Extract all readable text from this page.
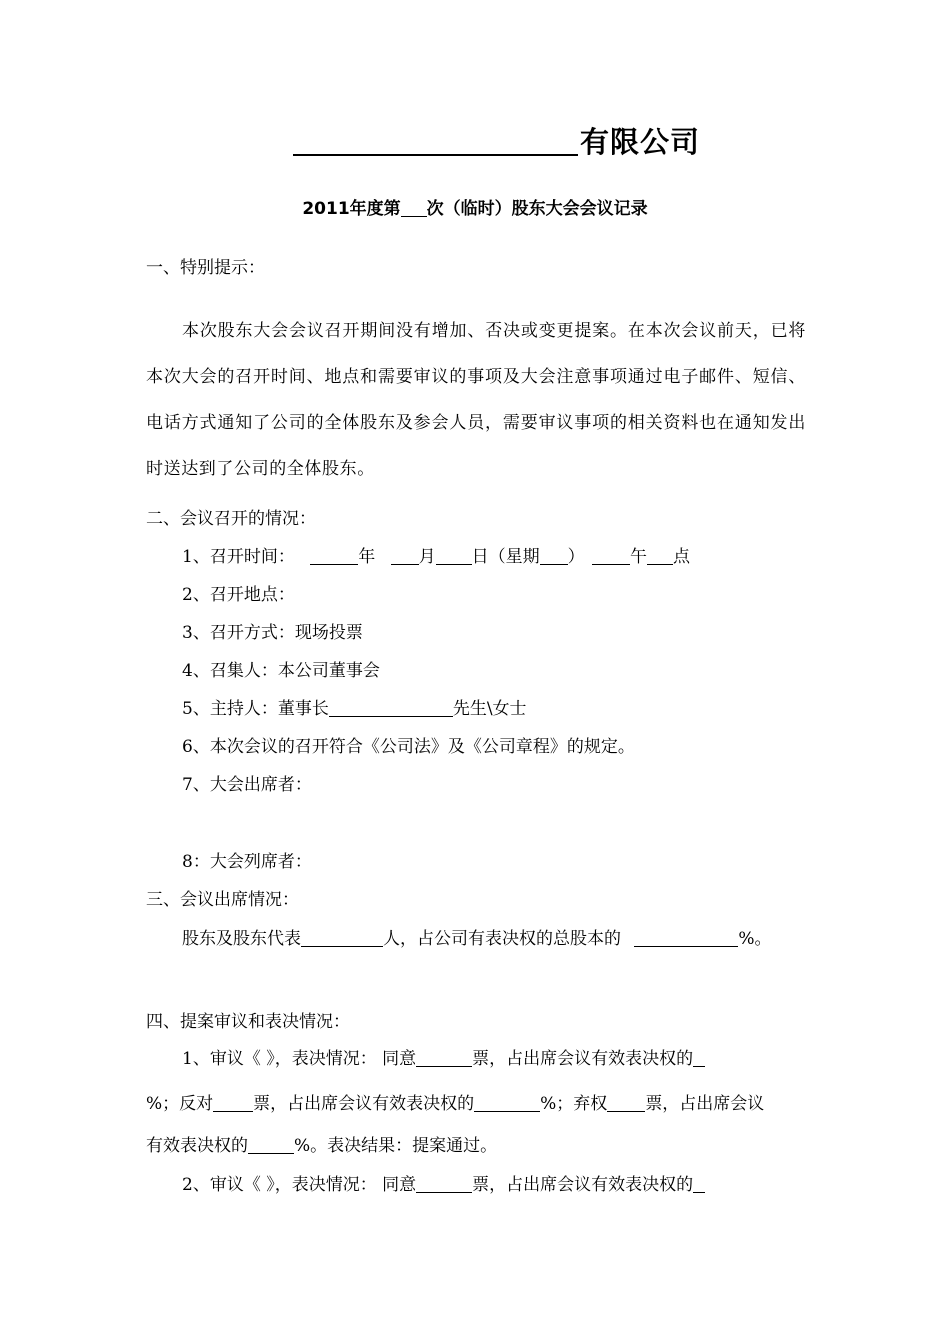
有限公司
2011年度第 次（临时）股东大会会议记录
一、特别提示：
本次股东大会会议召开期间没有增加、否决或变更提案。在本次会议前天，已将本次大会的召开时间、地点和需要审议的事项及大会注意事项通过电子邮件、短信、电话方式通知了公司的全体股东及参会人员，需要审议事项的相关资料也在通知发出时送达到了公司的全体股东。
二、会议召开的情况：
1、召开时间：	年	月 日（星期 ）	午 点
2、召开地点：
3、召开方式：现场投票
4、召集人：本公司董事会
5、主持人：董事长	先生\女士
6、本次会议的召开符合《公司法》及《公司章程》的规定。
7、大会出席者：
8：大会列席者：
三、会议出席情况：
股东及股东代表	人，占公司有表决权的总股本的	%。
四、提案审议和表决情况：
1、审议《 》，表决情况： 同意	票，占出席会议有效表决权的
%；反对 票，占出席会议有效表决权的	%；弃权 票，占出席会议
有效表决权的	%。表决结果：提案通过。
2、审议《 》，表决情况： 同意	票，占出席会议有效表决权的
